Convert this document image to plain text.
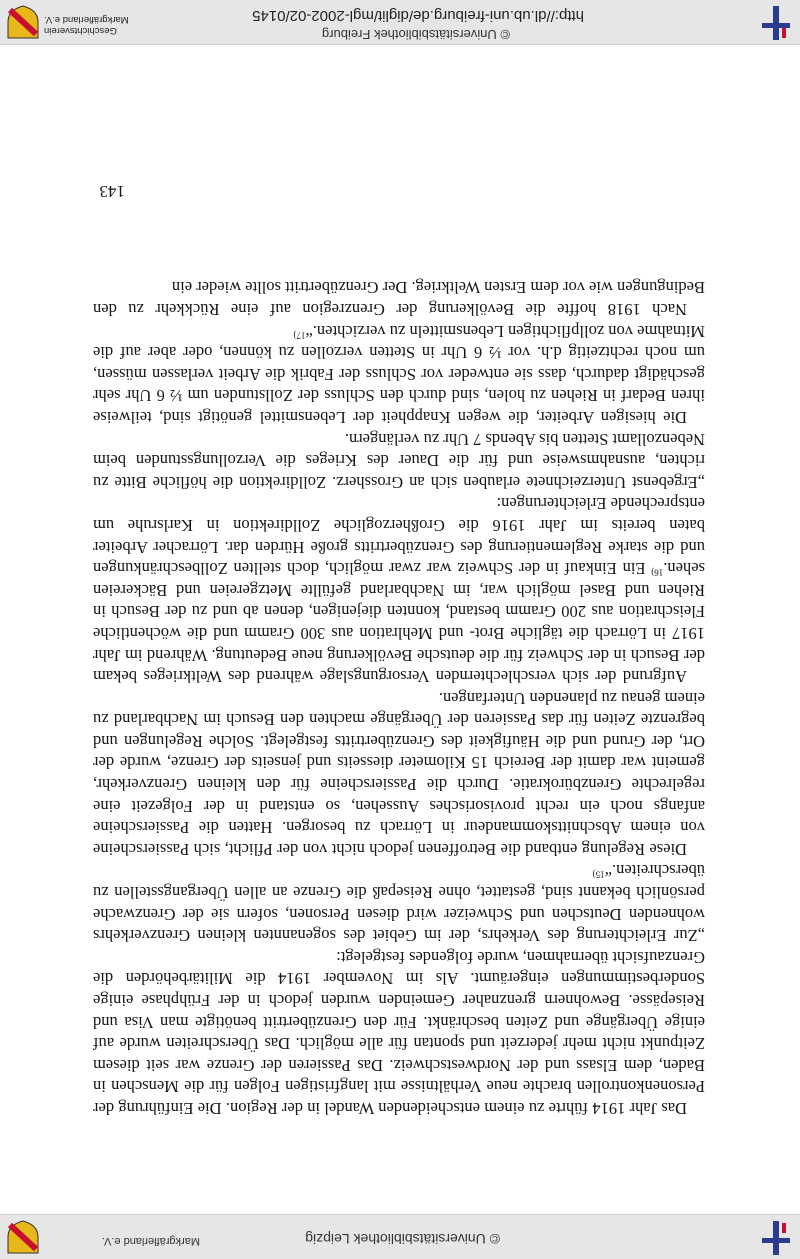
© Universitätsbibliothek Leipzig
Markgräflerland e.V.

Das Jahr 1914 führte zu einem entscheidenden Wandel in der Region. Die Einführung der Personenkontrollen brachte neue Verhältnisse mit langfristigen Folgen für die Menschen in Baden, dem Elsass und der Nordwestschweiz. Das Passieren der Grenze war seit diesem Zeitpunkt nicht mehr jederzeit und spontan für alle möglich. Das Überschreiten wurde auf einige Übergänge und Zeiten beschränkt. Für den Grenzübertritt benötigte man Visa und Reisepässe. Bewohnern grenznaher Gemeinden wurden jedoch in der Frühphase einige Sonderbestimmungen eingeräumt. Als im November 1914 die Militärbehörden die Grenzaufsicht übernahmen, wurde folgendes festgelegt:

„Zur Erleichterung des Verkehrs, der im Gebiet des sogenannten kleinen Grenzverkehrs wohnenden Deutschen und Schweizer wird diesen Personen, sofern sie der Grenzwache persönlich bekannt sind, gestattet, ohne Reisepaß die Grenze an allen Übergangsstellen zu überschreiten.“$^{15)}$

Diese Regelung entband die Betroffenen jedoch nicht von der Pflicht, sich Passierscheine von einem Abschnittskommandeur in Lörrach zu besorgen. Hatten die Passierscheine anfangs noch ein recht provisorisches Aussehen, so entstand in der Folgezeit eine regelrechte Grenzbürokratie. Durch die Passierscheine für den kleinen Grenzverkehr, gemeint war damit der Bereich 15 Kilometer diesseits und jenseits der Grenze, wurde der Ort, der Grund und die Häufigkeit des Grenzübertritts festgelegt. Solche Regelungen und begrenzte Zeiten für das Passieren der Übergänge machten den Besuch im Nachbarland zu einem genau zu planenden Unterfangen.

Aufgrund der sich verschlechternden Versorgungslage während des Weltkrieges bekam der Besuch in der Schweiz für die deutsche Bevölkerung neue Bedeutung. Während im Jahr 1917 in Lörrach die tägliche Brot- und Mehlration aus 300 Gramm und die wöchentliche Fleischration aus 200 Gramm bestand, konnten diejenigen, denen ab und zu der Besuch in Riehen und Basel möglich war, im Nachbarland gefüllte Metzgereien und Bäckereien sehen.$^{16)}$ Ein Einkauf in der Schweiz war zwar möglich, doch stellten Zollbeschränkungen und die starke Reglementierung des Grenzübertritts große Hürden dar. Lörracher Arbeiter baten bereits im Jahr 1916 die Großherzogliche Zolldirektion in Karlsruhe um entsprechende Erleichterungen:

„Ergebenst Unterzeichnete erlauben sich an Grossherz. Zolldirektion die höfliche Bitte zu richten, ausnahmsweise und für die Dauer des Krieges die Verzollungsstunden beim Nebenzollamt Stetten bis Abends 7 Uhr zu verlängern.

Die hiesigen Arbeiter, die wegen Knappheit der Lebensmittel genötigt sind, teilweise ihren Bedarf in Riehen zu holen, sind durch den Schluss der Zollstunden um ½ 6 Uhr sehr geschädigt dadurch, dass sie entweder vor Schluss der Fabrik die Arbeit verlassen müssen, um noch rechtzeitig d.h. vor ½ 6 Uhr in Stetten verzollen zu können, oder aber auf die Mitnahme von zollpflichtigen Lebensmitteln zu verzichten.“$^{17)}$

Nach 1918 hoffte die Bevölkerung der Grenzregion auf eine Rückkehr zu den Bedingungen wie vor dem Ersten Weltkrieg. Der Grenzübertritt sollte wieder ein

143
© Universitätsbibliothek Freiburg
http://dl.ub.uni-freiburg.de/diglit/mgl-2002-02/0145
Geschichtsverein
Markgräflerland e.V.
